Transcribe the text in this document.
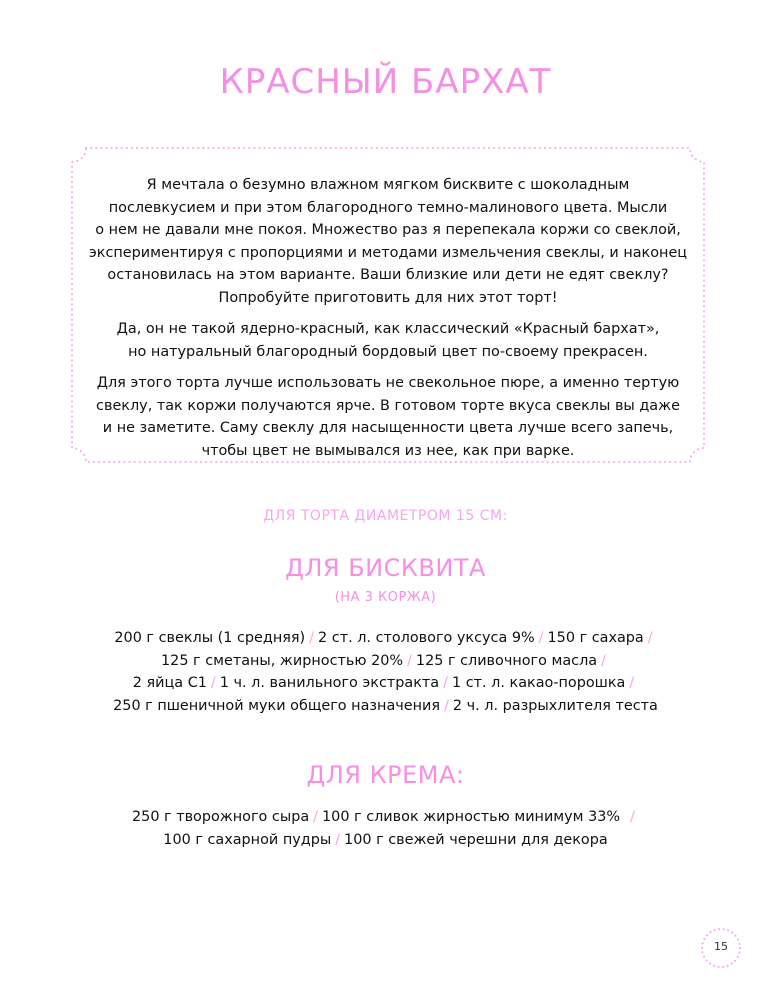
КРАСНЫЙ БАРХАТ

Я мечтала о безумно влажном мягком бисквите с шоколадным
послевкусием и при этом благородного темно-малинового цвета. Мысли
о нем не давали мне покоя. Множество раз я перепекала коржи со свеклой,
экспериментируя с пропорциями и методами измельчения свеклы, и наконец
остановилась на этом варианте. Ваши близкие или дети не едят свеклу?
Попробуйте приготовить для них этот торт!

Да, он не такой ядерно-красный, как классический «Красный бархат»,
но натуральный благородный бордовый цвет по-своему прекрасен.

Для этого торта лучше использовать не свекольное пюре, а именно тертую
свеклу, так коржи получаются ярче. В готовом торте вкуса свеклы вы даже
и не заметите. Саму свеклу для насыщенности цвета лучше всего запечь,
чтобы цвет не вымывался из нее, как при варке.

ДЛЯ ТОРТА ДИАМЕТРОМ 15 СМ:
ДЛЯ БИСКВИТА
(НА 3 КОРЖА)
200 г свеклы (1 средняя) / 2 ст. л. столового уксуса 9% / 150 г сахара /
125 г сметаны, жирностью 20% / 125 г сливочного масла /
2 яйца С1 / 1 ч. л. ванильного экстракта / 1 ст. л. какао-порошка /
250 г пшеничной муки общего назначения / 2 ч. л. разрыхлителя теста
ДЛЯ КРЕМА:
250 г творожного сыра / 100 г сливок жирностью минимум 33% /
100 г сахарной пудры / 100 г свежей черешни для декора
15
